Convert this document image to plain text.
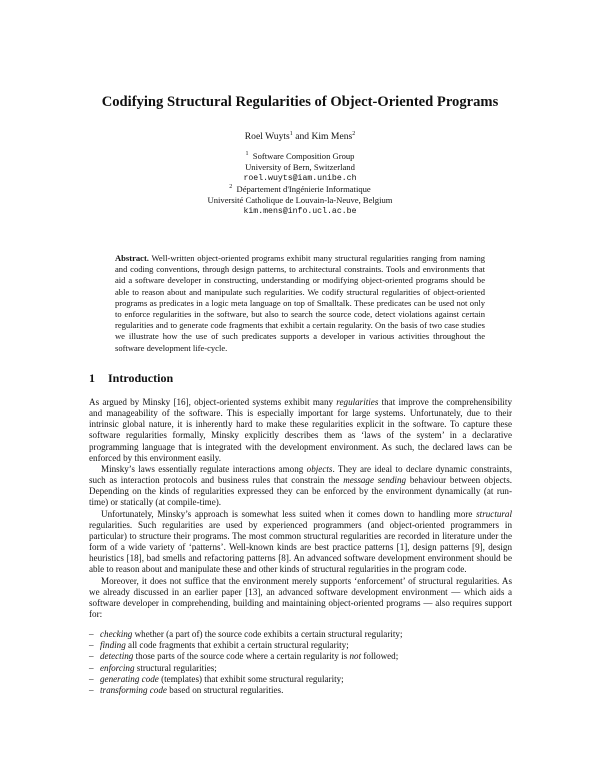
Codifying Structural Regularities of Object-Oriented Programs
Roel Wuyts$^1$ and Kim Mens$^2$
$^1$ Software Composition Group
University of Bern, Switzerland
roel.wuyts@iam.unibe.ch
$^2$ Département d'Ingénierie Informatique
Université Catholique de Louvain-la-Neuve, Belgium
kim.mens@info.ucl.ac.be
Abstract. Well-written object-oriented programs exhibit many structural regularities ranging from naming and coding conventions, through design patterns, to architectural constraints. Tools and environments that aid a software developer in constructing, understanding or modifying object-oriented programs should be able to reason about and manipulate such regularities. We codify structural regularities of object-oriented programs as predicates in a logic meta language on top of Smalltalk. These predicates can be used not only to enforce regularities in the software, but also to search the source code, detect violations against certain regularities and to generate code fragments that exhibit a certain regularity. On the basis of two case studies we illustrate how the use of such predicates supports a developer in various activities throughout the software development life-cycle.
1 Introduction

As argued by Minsky [16], object-oriented systems exhibit many regularities that improve the comprehensibility and manageability of the software. This is especially important for large systems. Unfortunately, due to their intrinsic global nature, it is inherently hard to make these regularities explicit in the software. To capture these software regularities formally, Minsky explicitly describes them as ‘laws of the system’ in a declarative programming language that is integrated with the development environment. As such, the declared laws can be enforced by this environment easily.

Minsky’s laws essentially regulate interactions among objects. They are ideal to declare dynamic constraints, such as interaction protocols and business rules that constrain the message sending behaviour between objects. Depending on the kinds of regularities expressed they can be enforced by the environment dynamically (at run-time) or statically (at compile-time).

Unfortunately, Minsky’s approach is somewhat less suited when it comes down to handling more structural regularities. Such regularities are used by experienced programmers (and object-oriented programmers in particular) to structure their programs. The most common structural regularities are recorded in literature under the form of a wide variety of ‘patterns’. Well-known kinds are best practice patterns [1], design patterns [9], design heuristics [18], bad smells and refactoring patterns [8]. An advanced software development environment should be able to reason about and manipulate these and other kinds of structural regularities in the program code.

Moreover, it does not suffice that the environment merely supports ‘enforcement’ of structural regularities. As we already discussed in an earlier paper [13], an advanced software development environment — which aids a software developer in comprehending, building and maintaining object-oriented programs — also requires support for:

– checking whether (a part of) the source code exhibits a certain structural regularity;
– finding all code fragments that exhibit a certain structural regularity;
– detecting those parts of the source code where a certain regularity is not followed;
– enforcing structural regularities;
– generating code (templates) that exhibit some structural regularity;
– transforming code based on structural regularities.
